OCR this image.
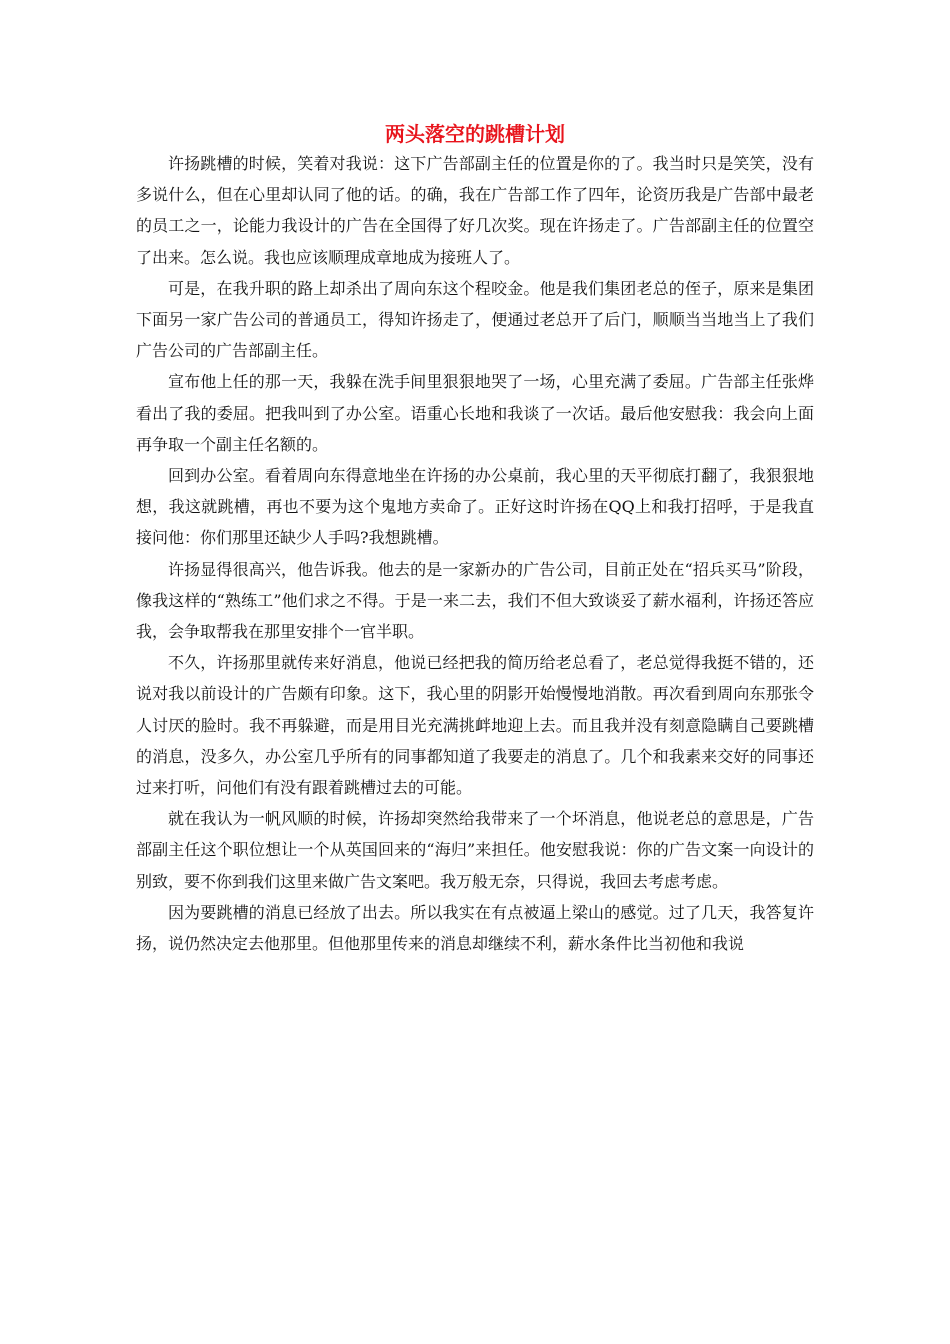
两头落空的跳槽计划

许扬跳槽的时候，笑着对我说：这下广告部副主任的位置是你的了。我当时只是笑笑，没有多说什么，但在心里却认同了他的话。的确，我在广告部工作了四年，论资历我是广告部中最老的员工之一，论能力我设计的广告在全国得了好几次奖。现在许扬走了。广告部副主任的位置空了出来。怎么说。我也应该顺理成章地成为接班人了。

可是，在我升职的路上却杀出了周向东这个程咬金。他是我们集团老总的侄子，原来是集团下面另一家广告公司的普通员工，得知许扬走了，便通过老总开了后门，顺顺当当地当上了我们广告公司的广告部副主任。

宣布他上任的那一天，我躲在洗手间里狠狠地哭了一场，心里充满了委屈。广告部主任张烨看出了我的委屈。把我叫到了办公室。语重心长地和我谈了一次话。最后他安慰我：我会向上面再争取一个副主任名额的。

回到办公室。看着周向东得意地坐在许扬的办公桌前，我心里的天平彻底打翻了，我狠狠地想，我这就跳槽，再也不要为这个鬼地方卖命了。正好这时许扬在QQ上和我打招呼，于是我直接问他：你们那里还缺少人手吗?我想跳槽。

许扬显得很高兴，他告诉我。他去的是一家新办的广告公司，目前正处在“招兵买马”阶段，像我这样的“熟练工”他们求之不得。于是一来二去，我们不但大致谈妥了薪水福利，许扬还答应我，会争取帮我在那里安排个一官半职。

不久，许扬那里就传来好消息，他说已经把我的简历给老总看了，老总觉得我挺不错的，还说对我以前设计的广告颇有印象。这下，我心里的阴影开始慢慢地消散。再次看到周向东那张令人讨厌的脸时。我不再躲避，而是用目光充满挑衅地迎上去。而且我并没有刻意隐瞒自己要跳槽的消息，没多久，办公室几乎所有的同事都知道了我要走的消息了。几个和我素来交好的同事还过来打听，问他们有没有跟着跳槽过去的可能。

就在我认为一帆风顺的时候，许扬却突然给我带来了一个坏消息，他说老总的意思是，广告部副主任这个职位想让一个从英国回来的“海归”来担任。他安慰我说：你的广告文案一向设计的别致，要不你到我们这里来做广告文案吧。我万般无奈，只得说，我回去考虑考虑。

因为要跳槽的消息已经放了出去。所以我实在有点被逼上梁山的感觉。过了几天，我答复许扬，说仍然决定去他那里。但他那里传来的消息却继续不利，薪水条件比当初他和我说
